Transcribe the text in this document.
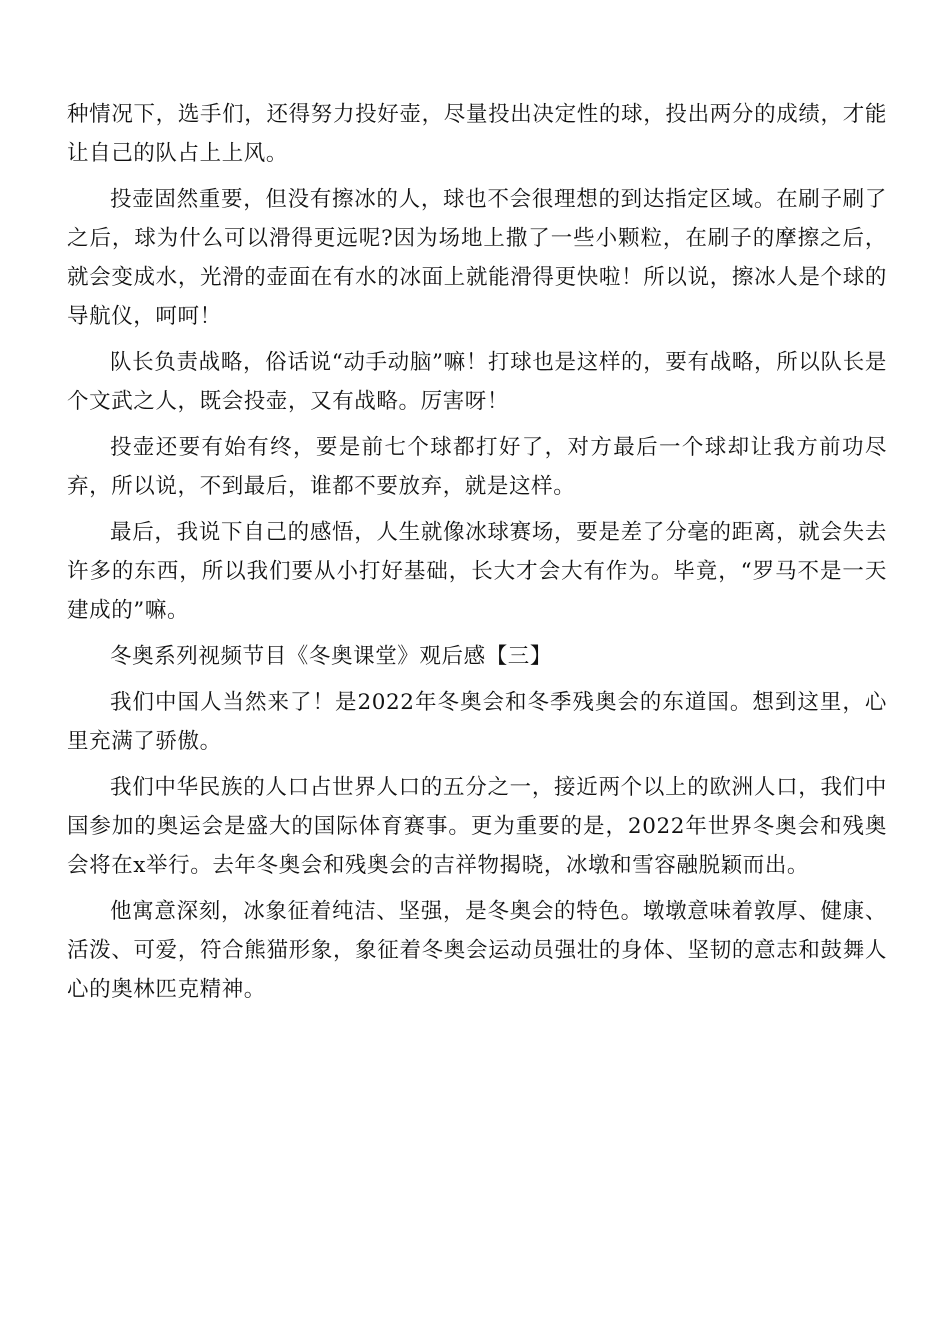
种情况下，选手们，还得努力投好壶，尽量投出决定性的球，投出两分的成绩，才能让自己的队占上上风。

投壶固然重要，但没有擦冰的人，球也不会很理想的到达指定区域。在刷子刷了之后，球为什么可以滑得更远呢?因为场地上撒了一些小颗粒，在刷子的摩擦之后，就会变成水，光滑的壶面在有水的冰面上就能滑得更快啦！所以说，擦冰人是个球的导航仪，呵呵！

队长负责战略，俗话说“动手动脑”嘛！打球也是这样的，要有战略，所以队长是个文武之人，既会投壶，又有战略。厉害呀！

投壶还要有始有终，要是前七个球都打好了，对方最后一个球却让我方前功尽弃，所以说，不到最后，谁都不要放弃，就是这样。

最后，我说下自己的感悟，人生就像冰球赛场，要是差了分毫的距离，就会失去许多的东西，所以我们要从小打好基础，长大才会大有作为。毕竟，“罗马不是一天建成的”嘛。

冬奥系列视频节目《冬奥课堂》观后感【三】

我们中国人当然来了！是2022年冬奥会和冬季残奥会的东道国。想到这里，心里充满了骄傲。

我们中华民族的人口占世界人口的五分之一，接近两个以上的欧洲人口，我们中国参加的奥运会是盛大的国际体育赛事。更为重要的是，2022年世界冬奥会和残奥会将在x举行。去年冬奥会和残奥会的吉祥物揭晓，冰墩和雪容融脱颖而出。

他寓意深刻，冰象征着纯洁、坚强，是冬奥会的特色。墩墩意味着敦厚、健康、活泼、可爱，符合熊猫形象，象征着冬奥会运动员强壮的身体、坚韧的意志和鼓舞人心的奥林匹克精神。
